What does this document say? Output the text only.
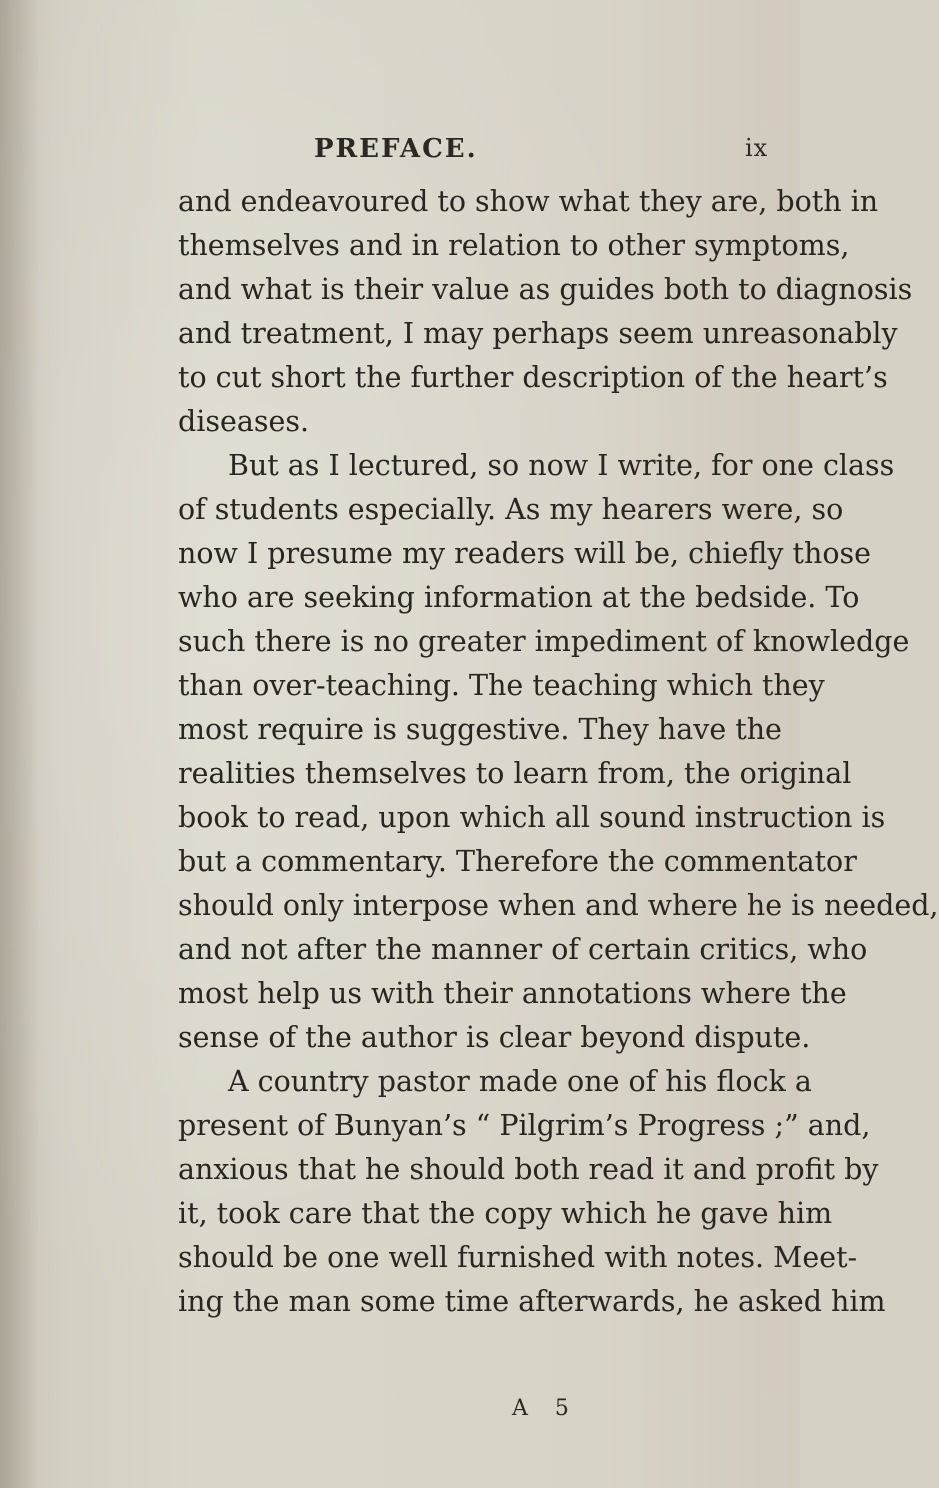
PREFACE.	ix
and endeavoured to show what they are, both in
themselves and in relation to other symptoms,
and what is their value as guides both to diagnosis
and treatment, I may perhaps seem unreasonably
to cut short the further description of the heart’s
diseases.
But as I lectured, so now I write, for one class
of students especially. As my hearers were, so
now I presume my readers will be, chiefly those
who are seeking information at the bedside. To
such there is no greater impediment of knowledge
than over-teaching. The teaching which they
most require is suggestive. They have the
realities themselves to learn from, the original
book to read, upon which all sound instruction is
but a commentary. Therefore the commentator
should only interpose when and where he is needed,
and not after the manner of certain critics, who
most help us with their annotations where the
sense of the author is clear beyond dispute.
A country pastor made one of his flock a
present of Bunyan’s “ Pilgrim’s Progress ;” and,
anxious that he should both read it and profit by
it, took care that the copy which he gave him
should be one well furnished with notes. Meet-
ing the man some time afterwards, he asked him
A 5
